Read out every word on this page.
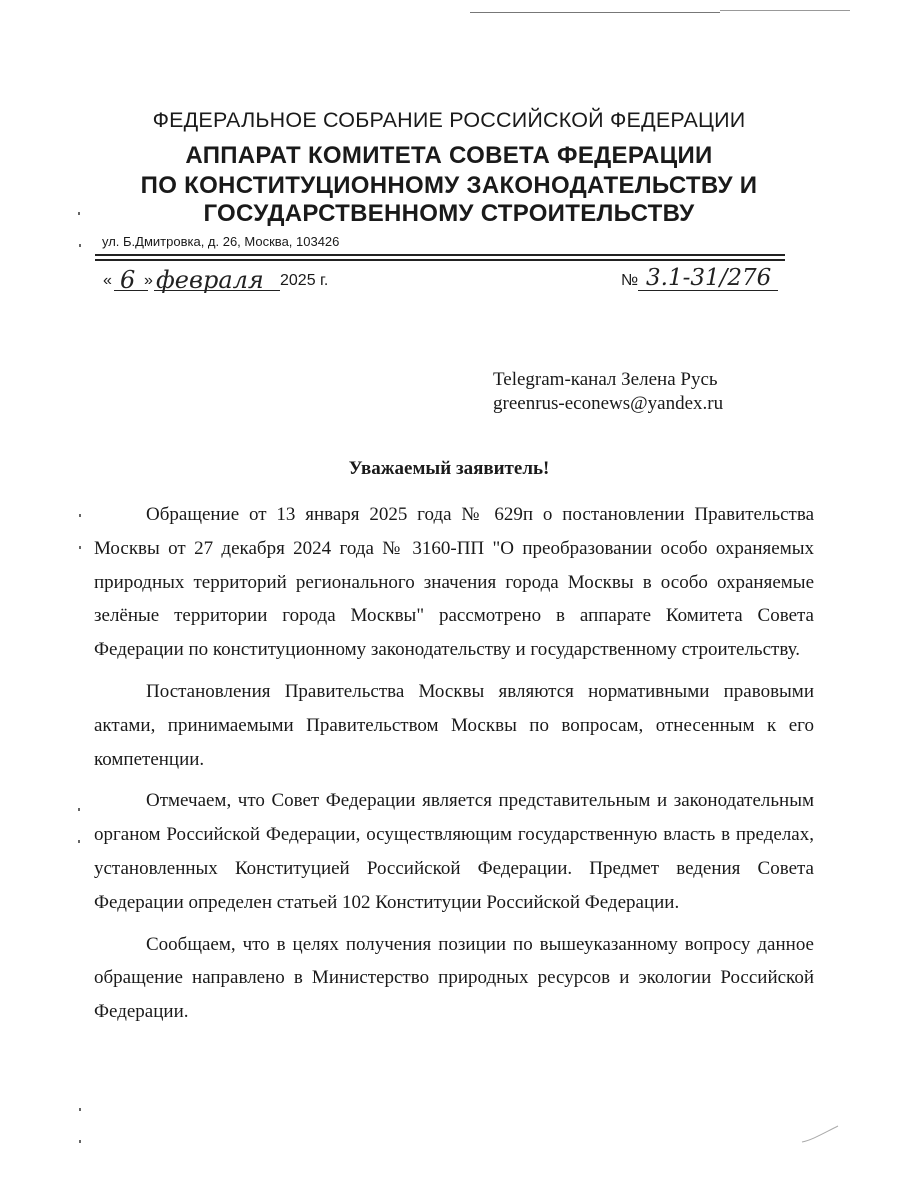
ФЕДЕРАЛЬНОЕ СОБРАНИЕ РОССИЙСКОЙ ФЕДЕРАЦИИ
АППАРАТ КОМИТЕТА СОВЕТА ФЕДЕРАЦИИ
ПО КОНСТИТУЦИОННОМУ ЗАКОНОДАТЕЛЬСТВУ И
ГОСУДАРСТВЕННОМУ СТРОИТЕЛЬСТВУ
ул. Б.Дмитровка, д. 26, Москва, 103426
« 6 » февраля 2025 г.	№ 3.1-31/276
Telegram-канал Зелена Русь
greenrus-econews@yandex.ru
Уважаемый заявитель!

Обращение от 13 января 2025 года № 629п о постановлении Правительства Москвы от 27 декабря 2024 года № 3160-ПП "О преобразовании особо охраняемых природных территорий регионального значения города Москвы в особо охраняемые зелёные территории города Москвы" рассмотрено в аппарате Комитета Совета Федерации по конституционному законодательству и государственному строительству.

Постановления Правительства Москвы являются нормативными правовыми актами, принимаемыми Правительством Москвы по вопросам, отнесенным к его компетенции.

Отмечаем, что Совет Федерации является представительным и законодательным органом Российской Федерации, осуществляющим государственную власть в пределах, установленных Конституцией Российской Федерации. Предмет ведения Совета Федерации определен статьей 102 Конституции Российской Федерации.

Сообщаем, что в целях получения позиции по вышеуказанному вопросу данное обращение направлено в Министерство природных ресурсов и экологии Российской Федерации.
